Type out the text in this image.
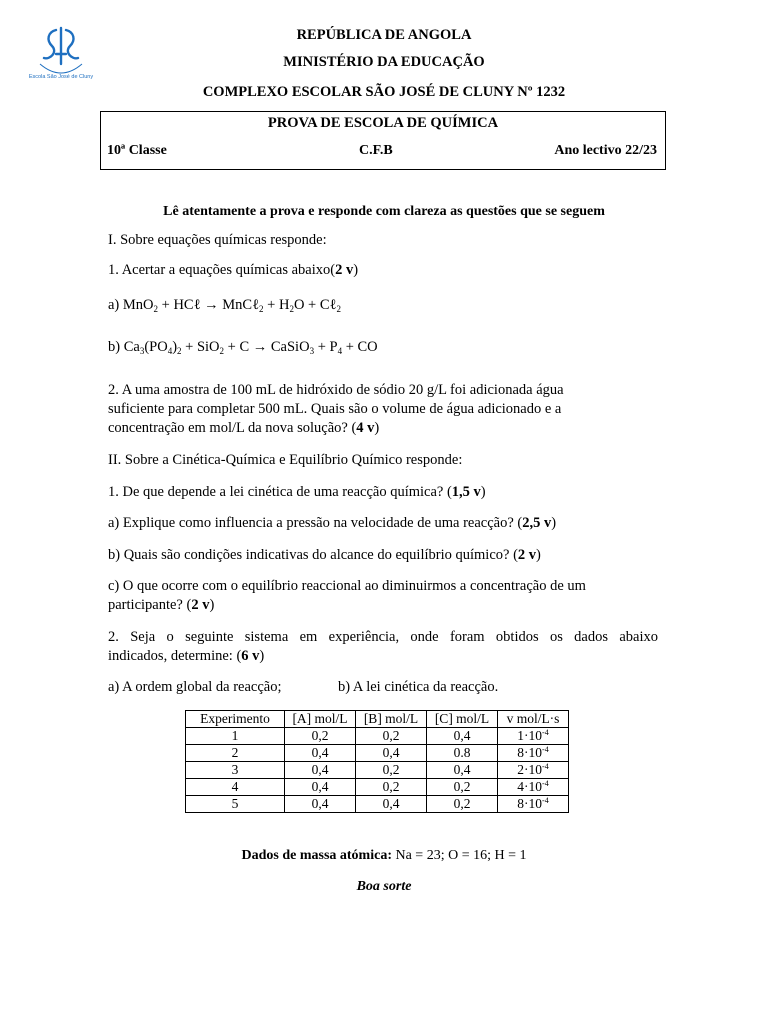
Escola São José de Cluny
REPÚBLICA DE ANGOLA
MINISTÉRIO DA EDUCAÇÃO
COMPLEXO ESCOLAR SÃO JOSÉ DE CLUNY Nº 1232
PROVA DE ESCOLA DE QUÍMICA
10ª Classe	C.F.B	Ano lectivo 22/23
Lê atentamente a prova e responde com clareza as questões que se seguem
I. Sobre equações químicas responde:
1. Acertar a equações químicas abaixo(2 v)
a) MnO$_2$ + HCℓ → MnCℓ$_2$ + $H_2O$ + Cℓ$_2$
b) $Ca_3(PO_4)_2 + SiO_2 + C$ → CaSiO$_3$ + $P_4$ + CO
2. A uma amostra de 100 mL de hidróxido de sódio 20 g/L foi adicionada água
suficiente para completar 500 mL. Quais são o volume de água adicionado e a
concentração em mol/L da nova solução? (4 v)
II. Sobre a Cinética-Química e Equilíbrio Químico responde:
1. De que depende a lei cinética de uma reacção química? (1,5 v)
a) Explique como influencia a pressão na velocidade de uma reacção? (2,5 v)
b) Quais são condições indicativas do alcance do equilíbrio químico? (2 v)
c) O que ocorre com o equilíbrio reaccional ao diminuirmos a concentração de um
participante? (2 v)
2. Seja o seguinte sistema em experiência, onde foram obtidos os dados abaixo
indicados, determine: (6 v)
a) A ordem global da reacção;	b) A lei cinética da reacção.
Experimento	[A] mol/L	[B] mol/L	[C] mol/L	v mol/L·s
1	0,2	0,2	0,4	$1\cdot 10^{-4}$
2	0,4	0,4	0.8	$8\cdot 10^{-4}$
3	0,4	0,2	0,4	$2\cdot 10^{-4}$
4	0,4	0,2	0,2	$4\cdot 10^{-4}$
5	0,4	0,4	0,2	$8\cdot 10^{-4}$
Dados de massa atómica: Na = 23; O = 16; H = 1
Boa sorte
